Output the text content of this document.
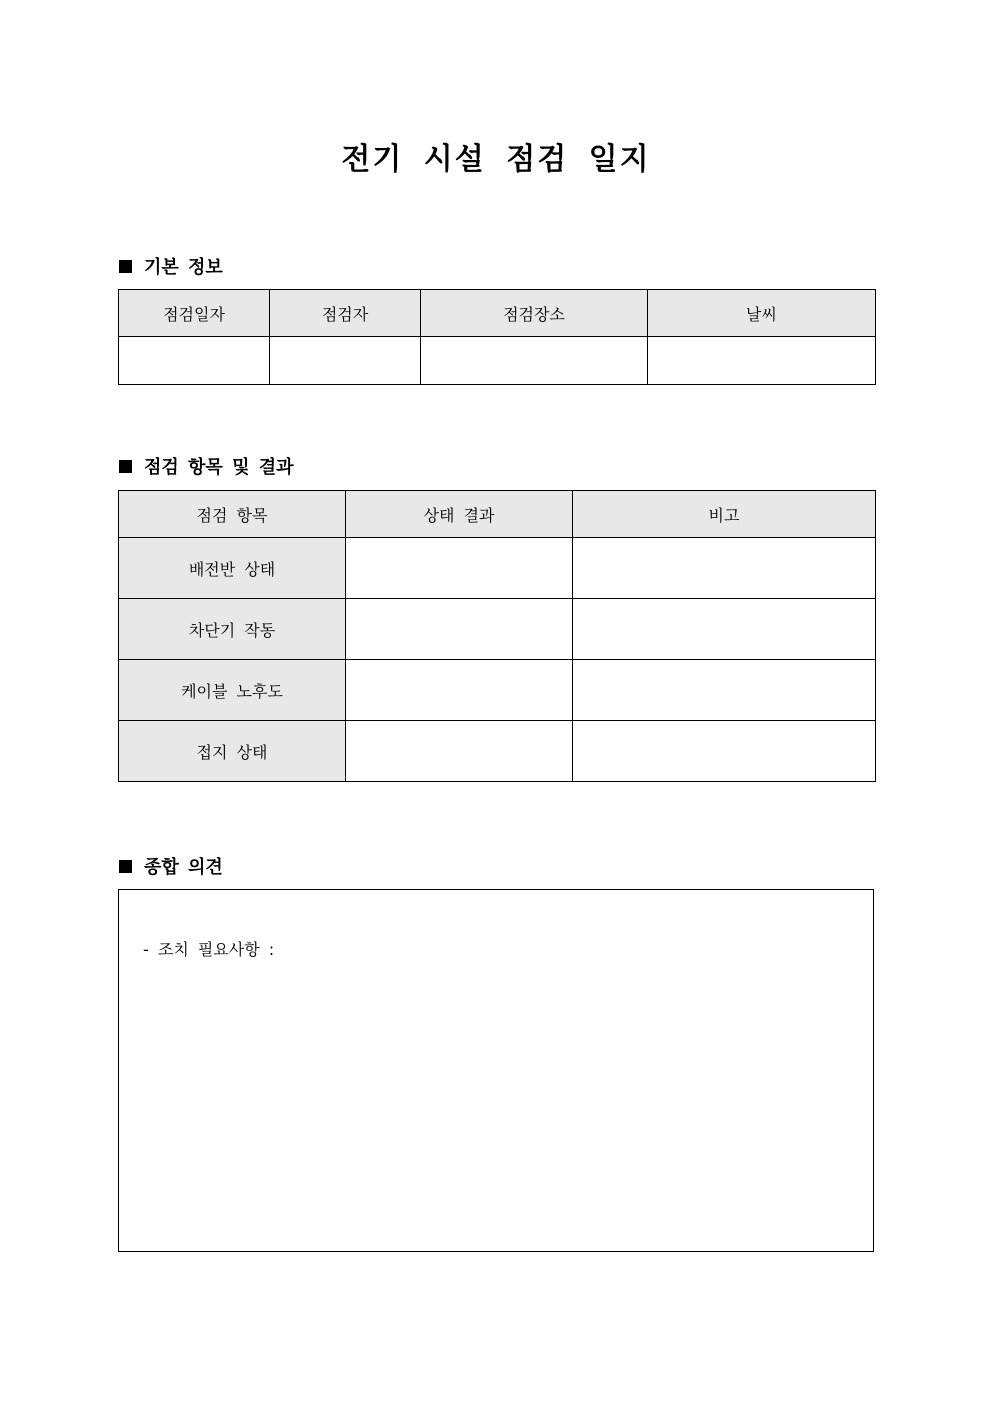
전기 시설 점검 일지
기본 정보
점검일자	점검자	점검장소	날씨

점검 항목 및 결과
점검 항목	상태 결과	비고
배전반 상태		
차단기 작동		
케이블 노후도		
접지 상태		
종합 의견
- 조치 필요사항 :
